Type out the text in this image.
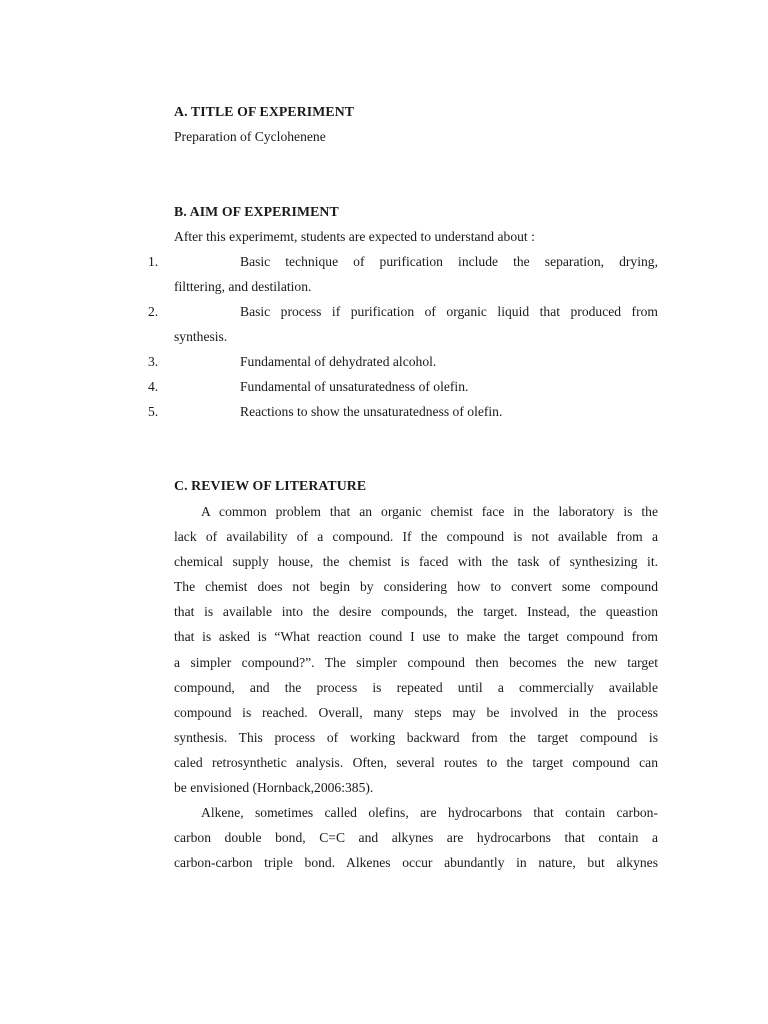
A. TITLE OF EXPERIMENT
Preparation of Cyclohenene
B. AIM OF EXPERIMENT
After this experimemt, students are expected to understand about :
1.	Basic technique of purification include the separation, drying,
filttering, and destilation.
2.	Basic process if purification of organic liquid that produced from
synthesis.
3.	Fundamental of dehydrated alcohol.
4.	Fundamental of unsaturatedness of olefin.
5.	Reactions to show the unsaturatedness of olefin.
C. REVIEW OF LITERATURE
A common problem that an organic chemist face in the laboratory is the
lack of availability of a compound. If the compound is not available from a
chemical supply house, the chemist is faced with the task of synthesizing it.
The chemist does not begin by considering how to convert some compound
that is available into the desire compounds, the target. Instead, the queastion
that is asked is “What reaction cound I use to make the target compound from
a simpler compound?”. The simpler compound then becomes the new target
compound, and the process is repeated until a commercially available
compound is reached. Overall, many steps may be involved in the process
synthesis. This process of working backward from the target compound is
caled retrosynthetic analysis. Often, several routes to the target compound can
be envisioned (Hornback,2006:385).
Alkene, sometimes called olefins, are hydrocarbons that contain carbon-
carbon double bond, C=C and alkynes are hydrocarbons that contain a
carbon-carbon triple bond. Alkenes occur abundantly in nature, but alkynes
